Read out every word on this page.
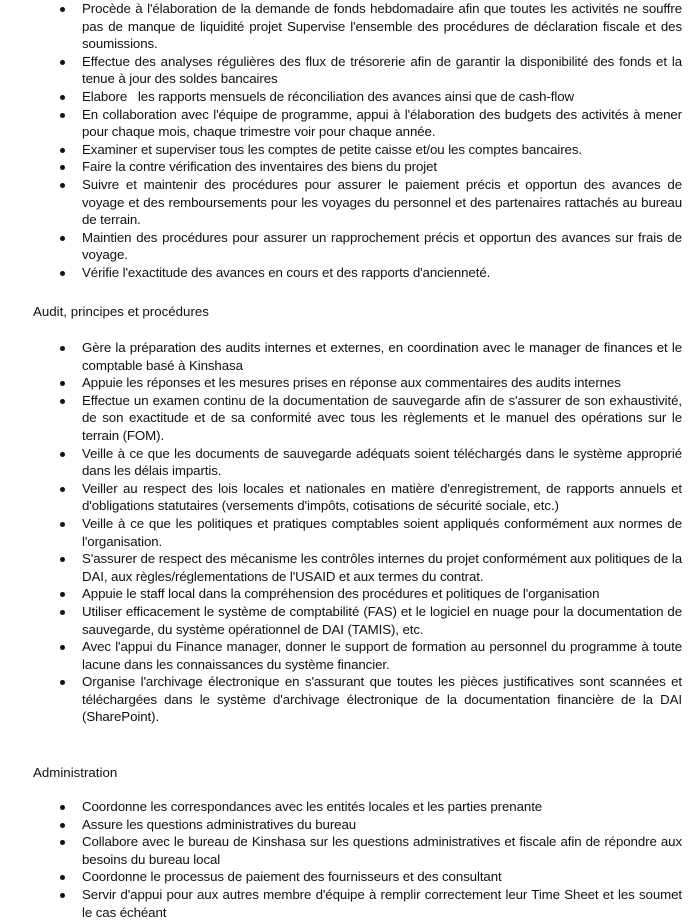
Procède à l'élaboration de la demande de fonds hebdomadaire afin que toutes les activités ne souffre pas de manque de liquidité projet Supervise l'ensemble des procédures de déclaration fiscale et des soumissions.
Effectue des analyses régulières des flux de trésorerie afin de garantir la disponibilité des fonds et la tenue à jour des soldes bancaires
Elabore   les rapports mensuels de réconciliation des avances ainsi que de cash-flow
En collaboration avec l'équipe de programme, appui à l'élaboration des budgets des activités à mener pour chaque mois, chaque trimestre voir pour chaque année.
Examiner et superviser tous les comptes de petite caisse et/ou les comptes bancaires.
Faire la contre vérification des inventaires des biens du projet
Suivre et maintenir des procédures pour assurer le paiement précis et opportun des avances de voyage et des remboursements pour les voyages du personnel et des partenaires rattachés au bureau de terrain.
Maintien des procédures pour assurer un rapprochement précis et opportun des avances sur frais de voyage.
Vérifie l'exactitude des avances en cours et des rapports d'ancienneté.
Audit, principes et procédures
Gère la préparation des audits internes et externes, en coordination avec le manager de finances et le comptable basé à Kinshasa
Appuie les réponses et les mesures prises en réponse aux commentaires des audits internes
Effectue un examen continu de la documentation de sauvegarde afin de s'assurer de son exhaustivité, de son exactitude et de sa conformité avec tous les règlements et le manuel des opérations sur le terrain (FOM).
Veille à ce que les documents de sauvegarde adéquats soient téléchargés dans le système approprié dans les délais impartis.
Veiller au respect des lois locales et nationales en matière d'enregistrement, de rapports annuels et d'obligations statutaires (versements d'impôts, cotisations de sécurité sociale, etc.)
Veille à ce que les politiques et pratiques comptables soient appliqués conformément aux normes de l'organisation.
S'assurer de respect des mécanisme les contrôles internes du projet conformément aux politiques de la DAI, aux règles/réglementations de l'USAID et aux termes du contrat.
Appuie le staff local dans la compréhension des procédures et politiques de l'organisation
Utiliser efficacement le système de comptabilité (FAS) et le logiciel en nuage pour la documentation de sauvegarde, du système opérationnel de DAI (TAMIS), etc.
Avec l'appui du Finance manager, donner le support de formation au personnel du programme à toute lacune dans les connaissances du système financier.
Organise l'archivage électronique en s'assurant que toutes les pièces justificatives sont scannées et téléchargées dans le système d'archivage électronique de la documentation financière de la DAI (SharePoint).
Administration
Coordonne les correspondances avec les entités locales et les parties prenante
Assure les questions administratives du bureau
Collabore avec le bureau de Kinshasa sur les questions administratives et fiscale afin de répondre aux besoins du bureau local
Coordonne le processus de paiement des fournisseurs et des consultant
Servir d'appui pour aux autres membre d'équipe à remplir correctement leur Time Sheet et les soumet le cas échéant
